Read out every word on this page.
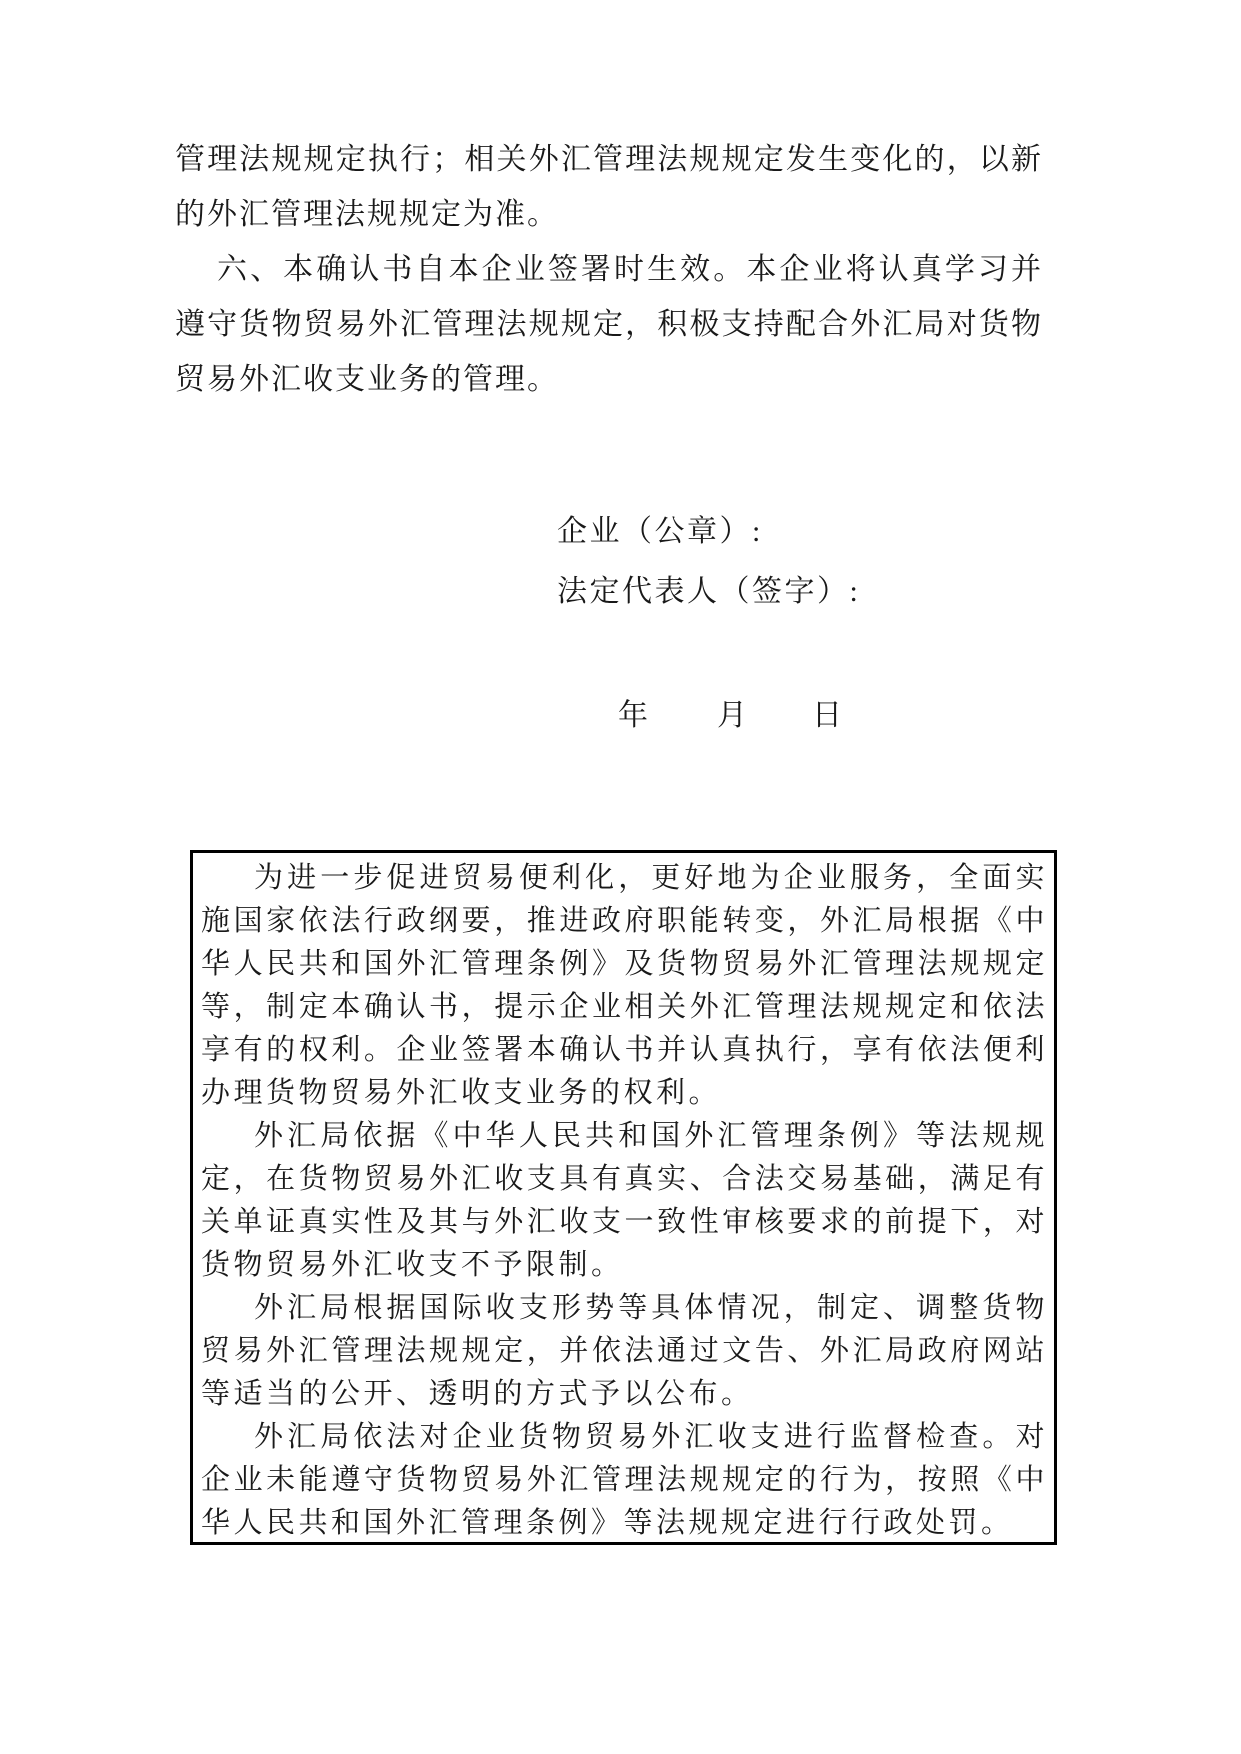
管理法规规定执行；相关外汇管理法规规定发生变化的，以新的外汇管理法规规定为准。

六、本确认书自本企业签署时生效。本企业将认真学习并遵守货物贸易外汇管理法规规定，积极支持配合外汇局对货物贸易外汇收支业务的管理。

企业（公章）:
法定代表人（签字）:
年 月 日

为进一步促进贸易便利化，更好地为企业服务，全面实施国家依法行政纲要，推进政府职能转变，外汇局根据《中华人民共和国外汇管理条例》及货物贸易外汇管理法规规定等，制定本确认书，提示企业相关外汇管理法规规定和依法享有的权利。企业签署本确认书并认真执行，享有依法便利办理货物贸易外汇收支业务的权利。

外汇局依据《中华人民共和国外汇管理条例》等法规规定，在货物贸易外汇收支具有真实、合法交易基础，满足有关单证真实性及其与外汇收支一致性审核要求的前提下，对货物贸易外汇收支不予限制。

外汇局根据国际收支形势等具体情况，制定、调整货物贸易外汇管理法规规定，并依法通过文告、外汇局政府网站等适当的公开、透明的方式予以公布。

外汇局依法对企业货物贸易外汇收支进行监督检查。对企业未能遵守货物贸易外汇管理法规规定的行为，按照《中华人民共和国外汇管理条例》等法规规定进行行政处罚。
